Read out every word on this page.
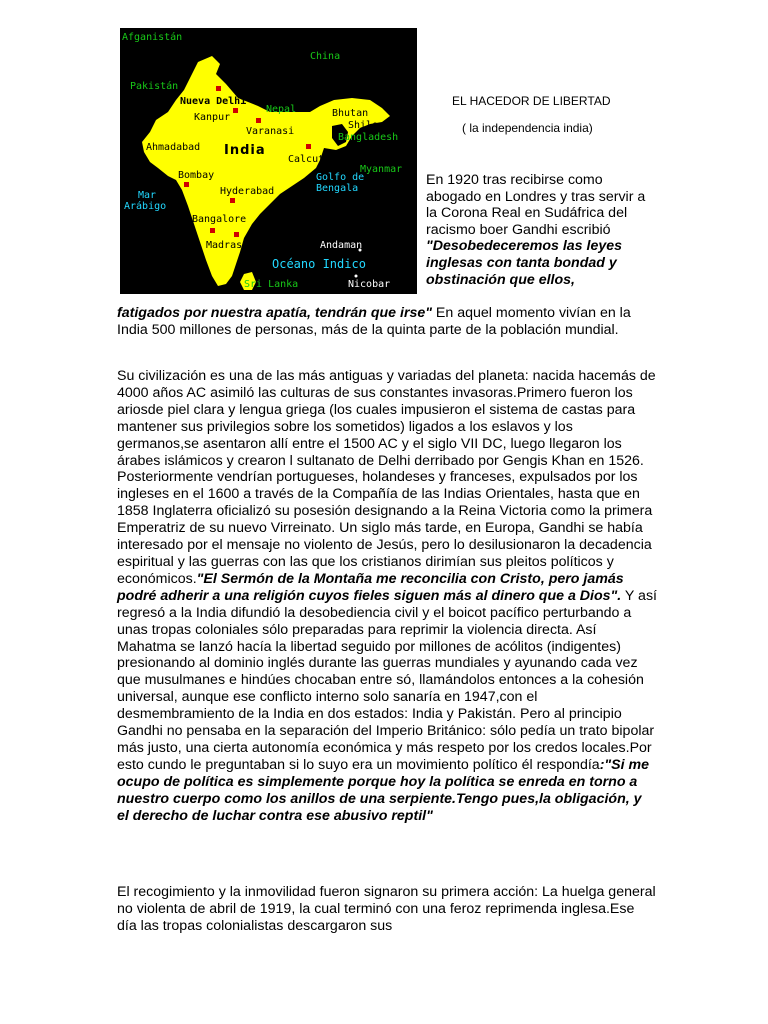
Afganistán
China
Pakistán
Nueva Delhi
Kanpur
Nepal	Bhutan
Varanasi
Shilong
Bangladesh
Ahmadabad India
Calcuta
Myanmar
Bombay	Golfo de
Bengala
Hyderabad
Mar
Arábigo
Bangalore
Madras	Andaman
Océano Indico
Sri Lanka	Nicobar
EL HACEDOR DE LIBERTAD
( la independencia india)
En 1920 tras recibirse como abogado en Londres y tras servir a la Corona Real en Sudáfrica del racismo boer Gandhi escribió "Desobedeceremos las leyes inglesas con tanta bondad y obstinación que ellos,
fatigados por nuestra apatía, tendrán que irse" En aquel momento vivían en la India 500 millones de personas, más de la quinta parte de la población mundial.
Su civilización es una de las más antiguas y variadas del planeta: nacida hacemás de 4000 años AC asimiló las culturas de sus constantes invasoras.Primero fueron los ariosde piel clara y lengua griega (los cuales impusieron el sistema de castas para mantener sus privilegios sobre los sometidos) ligados a los eslavos y los germanos,se asentaron allí entre el 1500 AC y el siglo VII DC, luego llegaron los árabes islámicos y crearon l sultanato de Delhi derribado por Gengis Khan en 1526. Posteriormente vendrían portugueses, holandeses y franceses, expulsados por los ingleses en el 1600 a través de la Compañía de las Indias Orientales, hasta que en 1858 Inglaterra oficializó su posesión designando a la Reina Victoria como la primera Emperatriz de su nuevo Virreinato. Un siglo más tarde, en Europa, Gandhi se había interesado por el mensaje no violento de Jesús, pero lo desilusionaron la decadencia espiritual y las guerras con las que los cristianos dirimían sus pleitos políticos y económicos."El Sermón de la Montaña me reconcilia con Cristo, pero jamás podré adherir a una religión cuyos fieles siguen más al dinero que a Dios". Y así regresó a la India difundió la desobediencia civil y el boicot pacífico perturbando a unas tropas coloniales sólo preparadas para reprimir la violencia directa. Así Mahatma se lanzó hacía la libertad seguido por millones de acólitos (indigentes) presionando al dominio inglés durante las guerras mundiales y ayunando cada vez que musulmanes e hindúes chocaban entre só, llamándolos entonces a la cohesión universal, aunque ese conflicto interno solo sanaría en 1947,con el desmembramiento de la India en dos estados: India y Pakistán. Pero al principio Gandhi no pensaba en la separación del Imperio Británico: sólo pedía un trato bipolar más justo, una cierta autonomía económica y más respeto por los credos locales.Por esto cundo le preguntaban si lo suyo era un movimiento político él respondía:"Si me ocupo de política es simplemente porque hoy la política se enreda en torno a nuestro cuerpo como los anillos de una serpiente.Tengo pues,la obligación, y el derecho de luchar contra ese abusivo reptil"
El recogimiento y la inmovilidad fueron signaron su primera acción: La huelga general no violenta de abril de 1919, la cual terminó con una feroz reprimenda inglesa.Ese día las tropas colonialistas descargaron sus
